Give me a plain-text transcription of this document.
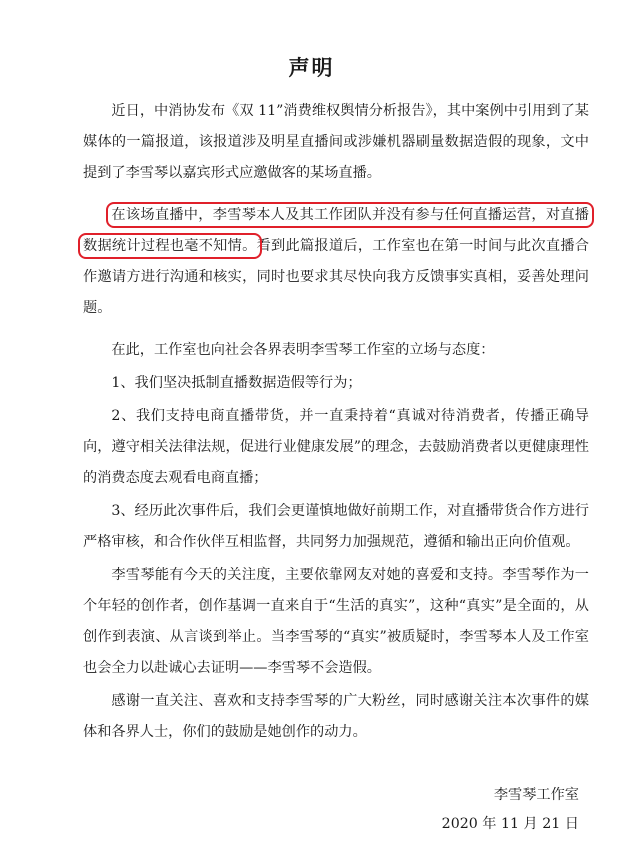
声明

近日，中消协发布《双 11”消费维权舆情分析报告》，其中案例中引用到了某媒体的一篇报道，该报道涉及明星直播间或涉嫌机器刷量数据造假的现象，文中提到了李雪琴以嘉宾形式应邀做客的某场直播。

在该场直播中，李雪琴本人及其工作团队并没有参与任何直播运营，对直播数据统计过程也毫不知情。看到此篇报道后，工作室也在第一时间与此次直播合作邀请方进行沟通和核实，同时也要求其尽快向我方反馈事实真相，妥善处理问题。

在此，工作室也向社会各界表明李雪琴工作室的立场与态度：

1、我们坚决抵制直播数据造假等行为；

2、我们支持电商直播带货，并一直秉持着“真诚对待消费者，传播正确导向，遵守相关法律法规，促进行业健康发展”的理念，去鼓励消费者以更健康理性的消费态度去观看电商直播；

3、经历此次事件后，我们会更谨慎地做好前期工作，对直播带货合作方进行严格审核，和合作伙伴互相监督，共同努力加强规范，遵循和输出正向价值观。

李雪琴能有今天的关注度，主要依靠网友对她的喜爱和支持。李雪琴作为一个年轻的创作者，创作基调一直来自于“生活的真实”，这种“真实”是全面的，从创作到表演、从言谈到举止。当李雪琴的“真实”被质疑时，李雪琴本人及工作室也会全力以赴诚心去证明——李雪琴不会造假。

感谢一直关注、喜欢和支持李雪琴的广大粉丝，同时感谢关注本次事件的媒体和各界人士，你们的鼓励是她创作的动力。

李雪琴工作室
2020 年 11 月 21 日
